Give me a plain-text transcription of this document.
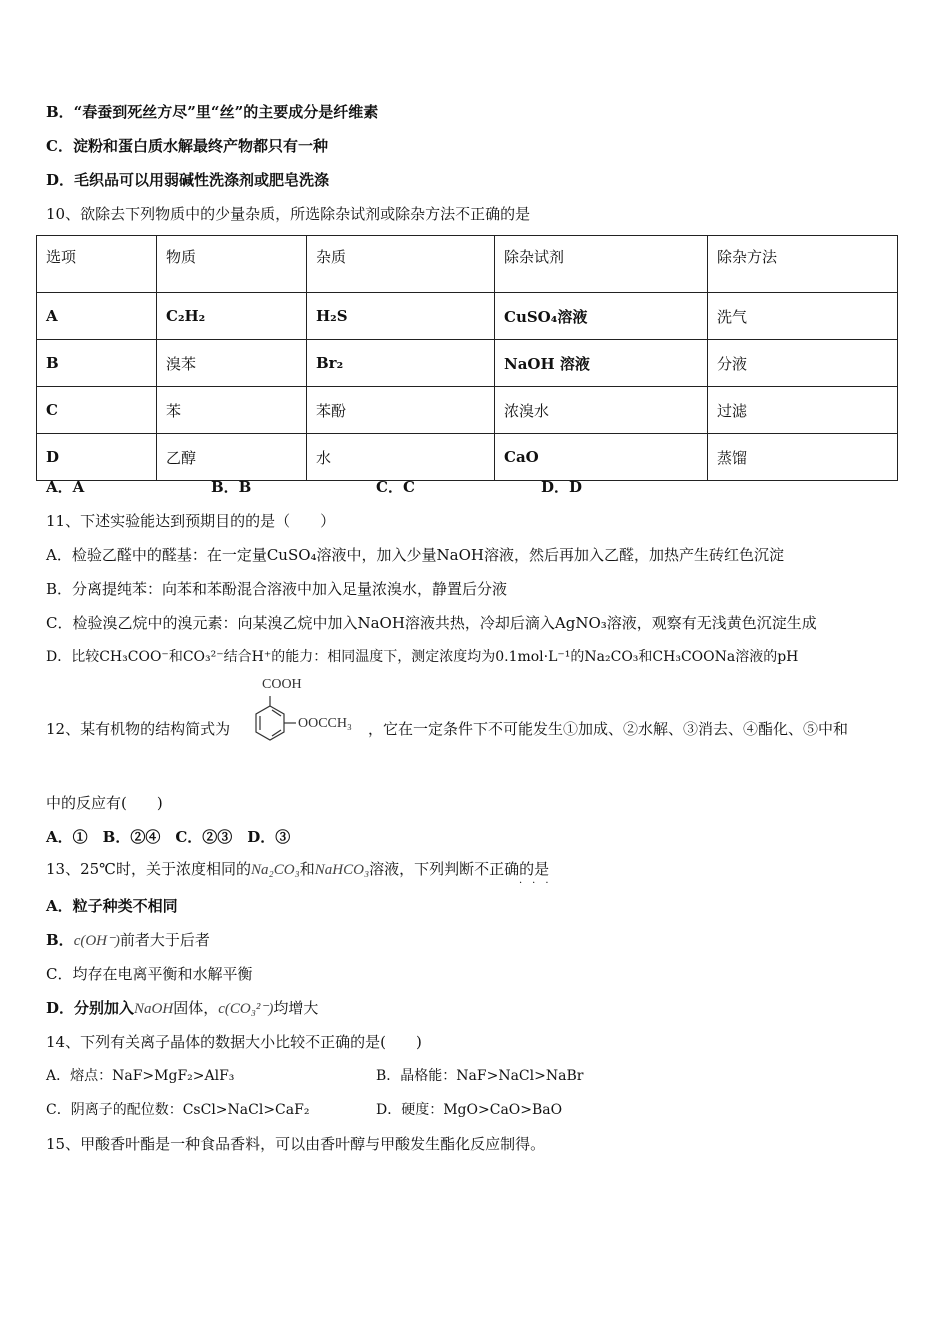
B．“春蚕到死丝方尽”里“丝”的主要成分是纤维素
C．淀粉和蛋白质水解最终产物都只有一种
D．毛织品可以用弱碱性洗涤剂或肥皂洗涤
10、欲除去下列物质中的少量杂质，所选除杂试剂或除杂方法不正确的是
选项	物质	杂质	除杂试剂	除杂方法
A	C₂H₂	H₂S	CuSO₄溶液	洗气
B	溴苯	Br₂	NaOH 溶液	分液
C	苯	苯酚	浓溴水	过滤
D	乙醇	水	CaO	蒸馏
A．A	B．B	C．C	D．D
11、下述实验能达到预期目的的是（　　）
A．检验乙醛中的醛基：在一定量CuSO₄溶液中，加入少量NaOH溶液，然后再加入乙醛，加热产生砖红色沉淀
B．分离提纯苯：向苯和苯酚混合溶液中加入足量浓溴水，静置后分液
C．检验溴乙烷中的溴元素：向某溴乙烷中加入NaOH溶液共热，冷却后滴入AgNO₃溶液，观察有无浅黄色沉淀生成
D．比较CH₃COO⁻和CO₃²⁻结合H⁺的能力：相同温度下，测定浓度均为0.1mol·L⁻¹的Na₂CO₃和CH₃COONa溶液的pH
12、某有机物的结构简式为
COOH
OOCCH₃ ，它在一定条件下不可能发生①加成、②水解、③消去、④酯化、⑤中和
中的反应有(　　)
A．①　B．②④　C．②③　D．③
13、25℃时，关于浓度相同的Na₂CO₃和NaHCO₃溶液，下列判断不正确的是
···
A．粒子种类不相同
B．c(OH⁻)前者大于后者
C．均存在电离平衡和水解平衡
D．分别加入NaOH固体，c(CO₃²⁻)均增大
14、下列有关离子晶体的数据大小比较不正确的是(　　)
A．熔点：NaF>MgF₂>AlF₃	B．晶格能：NaF>NaCl>NaBr
C．阴离子的配位数：CsCl>NaCl>CaF₂	D．硬度：MgO>CaO>BaO
15、甲酸香叶酯是一种食品香料，可以由香叶醇与甲酸发生酯化反应制得。
